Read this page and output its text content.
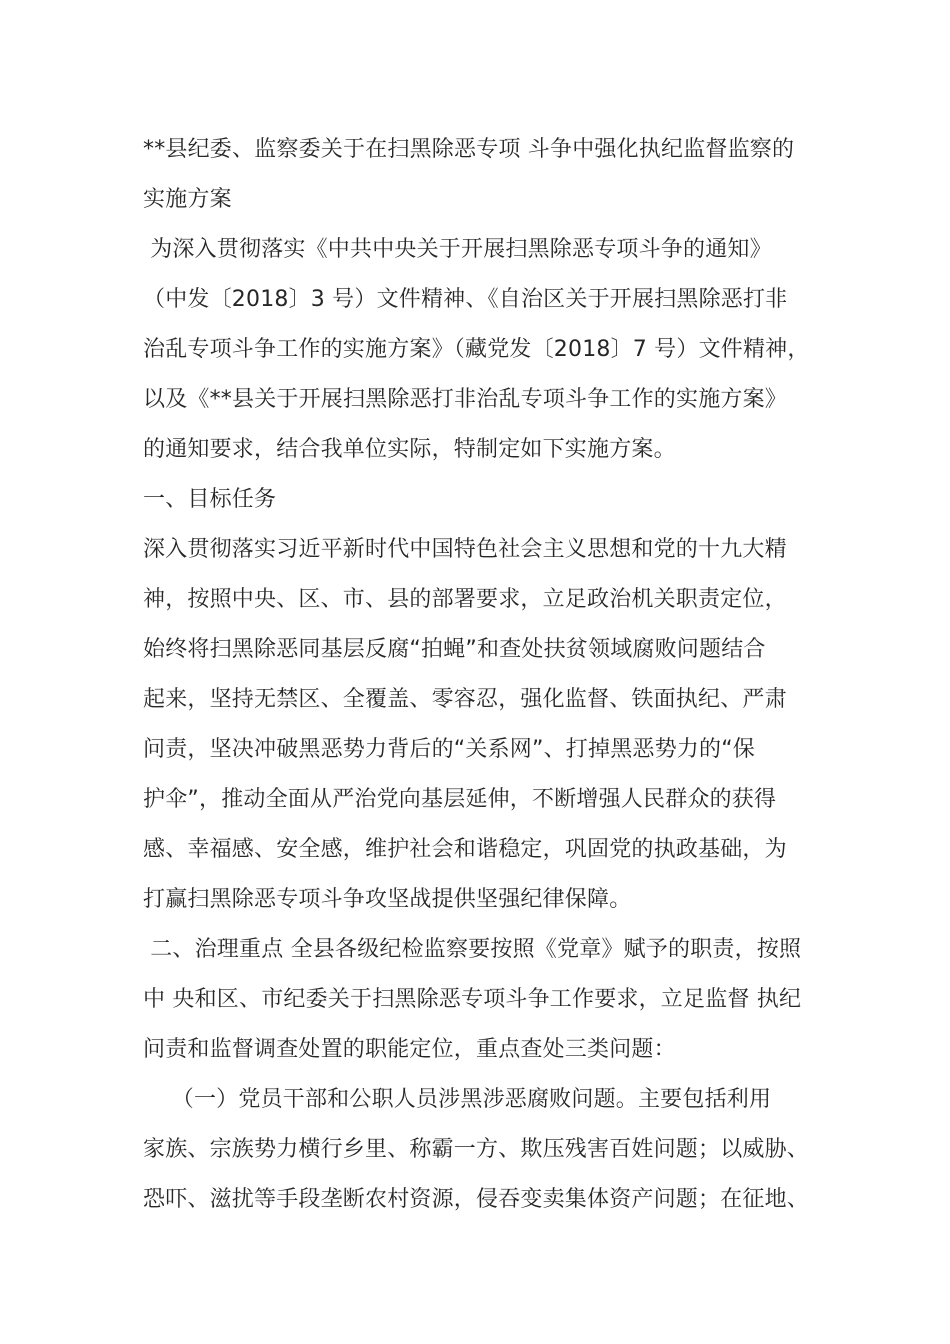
**县纪委、监察委关于在扫黑除恶专项 斗争中强化执纪监督监察的
实施方案
为深入贯彻落实《中共中央关于开展扫黑除恶专项斗争的通知》
（中发〔2018〕3 号）文件精神、《自治区关于开展扫黑除恶打非
治乱专项斗争工作的实施方案》（藏党发〔2018〕7 号）文件精神，
以及《**县关于开展扫黑除恶打非治乱专项斗争工作的实施方案》
的通知要求，结合我单位实际，特制定如下实施方案。
一、目标任务
深入贯彻落实习近平新时代中国特色社会主义思想和党的十九大精
神，按照中央、区、市、县的部署要求，立足政治机关职责定位，
始终将扫黑除恶同基层反腐“拍蝇”和查处扶贫领域腐败问题结合
起来，坚持无禁区、全覆盖、零容忍，强化监督、铁面执纪、严肃
问责，坚决冲破黑恶势力背后的“关系网”、打掉黑恶势力的“保
护伞”，推动全面从严治党向基层延伸，不断增强人民群众的获得
感、幸福感、安全感，维护社会和谐稳定，巩固党的执政基础，为
打赢扫黑除恶专项斗争攻坚战提供坚强纪律保障。
二、治理重点 全县各级纪检监察要按照《党章》赋予的职责，按照
中 央和区、市纪委关于扫黑除恶专项斗争工作要求，立足监督 执纪
问责和监督调查处置的职能定位，重点查处三类问题：
（一）党员干部和公职人员涉黑涉恶腐败问题。主要包括利用
家族、宗族势力横行乡里、称霸一方、欺压残害百姓问题；以威胁、
恐吓、滋扰等手段垄断农村资源，侵吞变卖集体资产问题；在征地、
